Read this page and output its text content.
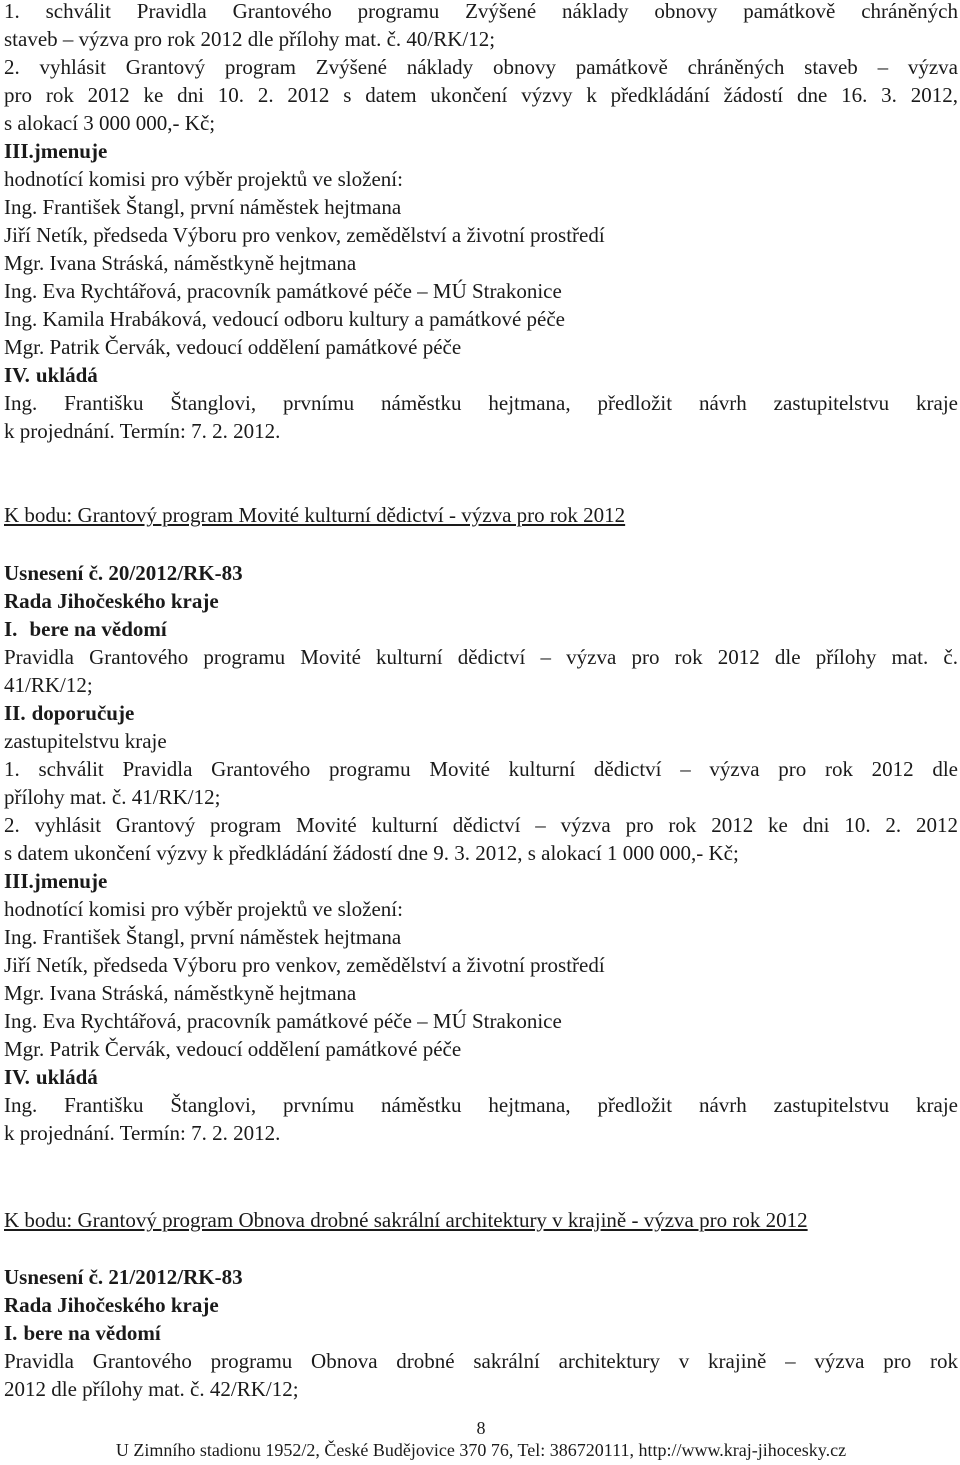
1. schválit Pravidla Grantového programu Zvýšené náklady obnovy památkově chráněných
staveb – výzva pro rok 2012 dle přílohy mat. č. 40/RK/12;
2. vyhlásit Grantový program Zvýšené náklady obnovy památkově chráněných staveb – výzva
pro rok 2012 ke dni 10. 2. 2012 s datem ukončení výzvy k předkládání žádostí dne 16. 3. 2012,
s alokací 3 000 000,- Kč;
III.jmenuje
hodnotící komisi pro výběr projektů ve složení:
Ing. František Štangl, první náměstek hejtmana
Jiří Netík, předseda Výboru pro venkov, zemědělství a životní prostředí
Mgr. Ivana Stráská, náměstkyně hejtmana
Ing. Eva Rychtářová, pracovník památkové péče – MÚ Strakonice
Ing. Kamila Hrabáková, vedoucí odboru kultury a památkové péče
Mgr. Patrik Červák, vedoucí oddělení památkové péče
IV. ukládá
Ing. Františku Štanglovi, prvnímu náměstku hejtmana, předložit návrh zastupitelstvu kraje
k projednání. Termín: 7. 2. 2012.
K bodu: Grantový program Movité kulturní dědictví - výzva pro rok 2012
Usnesení č. 20/2012/RK-83
Rada Jihočeského kraje
I. bere na vědomí
Pravidla Grantového programu Movité kulturní dědictví – výzva pro rok 2012 dle přílohy mat. č.
41/RK/12;
II. doporučuje
zastupitelstvu kraje
1. schválit Pravidla Grantového programu Movité kulturní dědictví – výzva pro rok 2012 dle
přílohy mat. č. 41/RK/12;
2. vyhlásit Grantový program Movité kulturní dědictví – výzva pro rok 2012 ke dni 10. 2. 2012
s datem ukončení výzvy k předkládání žádostí dne 9. 3. 2012, s alokací 1 000 000,- Kč;
III.jmenuje
hodnotící komisi pro výběr projektů ve složení:
Ing. František Štangl, první náměstek hejtmana
Jiří Netík, předseda Výboru pro venkov, zemědělství a životní prostředí
Mgr. Ivana Stráská, náměstkyně hejtmana
Ing. Eva Rychtářová, pracovník památkové péče – MÚ Strakonice
Mgr. Patrik Červák, vedoucí oddělení památkové péče
IV. ukládá
Ing. Františku Štanglovi, prvnímu náměstku hejtmana, předložit návrh zastupitelstvu kraje
k projednání. Termín: 7. 2. 2012.
K bodu: Grantový program Obnova drobné sakrální architektury v krajině - výzva pro rok 2012
Usnesení č. 21/2012/RK-83
Rada Jihočeského kraje
I. bere na vědomí
Pravidla Grantového programu Obnova drobné sakrální architektury v krajině – výzva pro rok
2012 dle přílohy mat. č. 42/RK/12;
8
U Zimního stadionu 1952/2, České Budějovice 370 76, Tel: 386720111, http://www.kraj-jihocesky.cz
